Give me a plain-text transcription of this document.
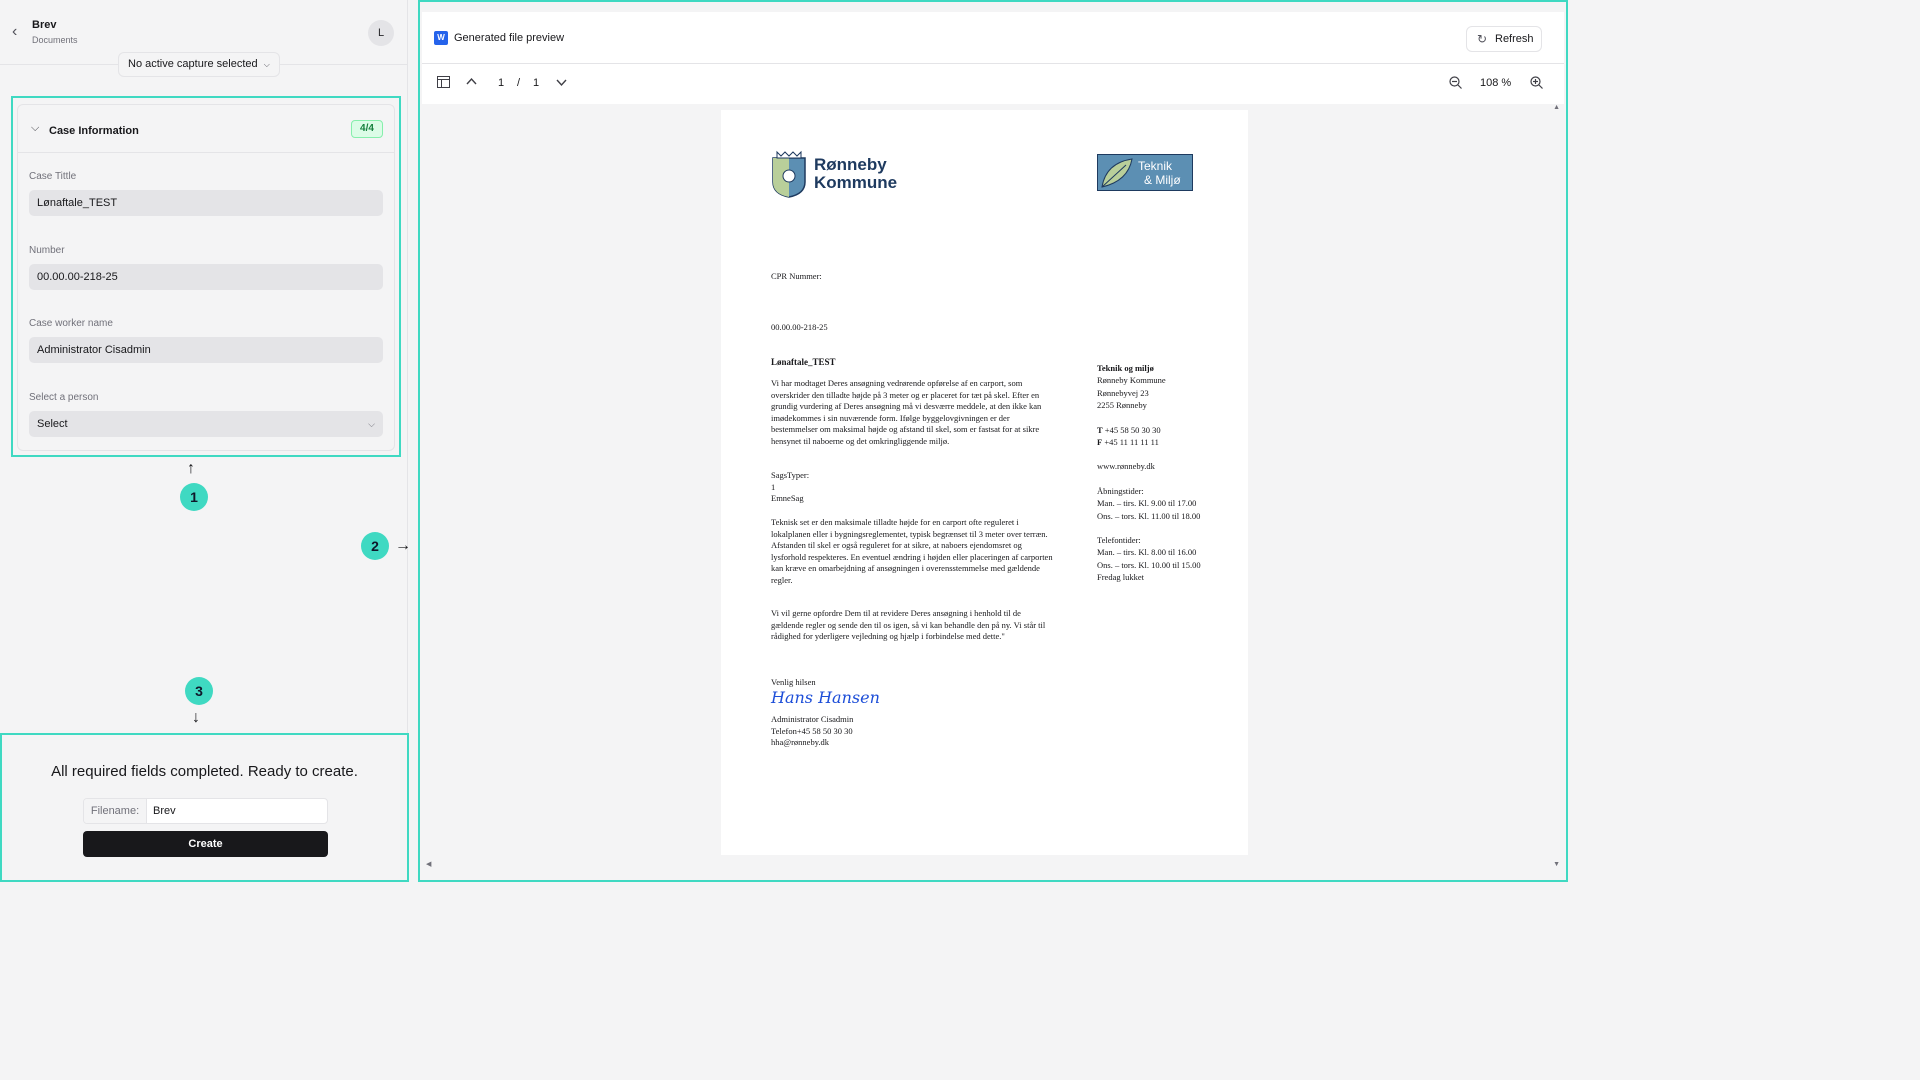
‹	Brev
Documents
L
No active capture selected ⌵
⌵ Case Information	4/4
Case Tittle
Lønaftale_TEST
Number
00.00.00-218-25
Case worker name
Administrator Cisadmin
Select a person
Select	⌵
↑
1
2	→
3
↓
All required fields completed. Ready to create.
Filename:	Brev
Create
W Generated file preview	↻ Refresh
1 / 1	108 %
▲
▼
◀
Rønneby
Kommune
Teknik
& Miljø
CPR Nummer:
00.00.00-218-25
Lønaftale_TEST
Vi har modtaget Deres ansøgning vedrørende opførelse af en carport, som overskrider den tilladte højde på 3 meter og er placeret for tæt på skel. Efter en grundig vurdering af Deres ansøgning må vi desværre meddele, at den ikke kan imødekommes i sin nuværende form. Ifølge byggelovgivningen er der bestemmelser om maksimal højde og afstand til skel, som er fastsat for at sikre hensynet til naboerne og det omkringliggende miljø.
SagsTyper:
1
EmneSag
Teknisk set er den maksimale tilladte højde for en carport ofte reguleret i lokalplanen eller i bygningsreglementet, typisk begrænset til 3 meter over terræn. Afstanden til skel er også reguleret for at sikre, at naboers ejendomsret og lysforhold respekteres. En eventuel ændring i højden eller placeringen af carporten kan kræve en omarbejdning af ansøgningen i overensstemmelse med gældende regler.
Vi vil gerne opfordre Dem til at revidere Deres ansøgning i henhold til de gældende regler og sende den til os igen, så vi kan behandle den på ny. Vi står til rådighed for yderligere vejledning og hjælp i forbindelse med dette."
Venlig hilsen
Hans Hansen
Administrator Cisadmin
Telefon+45 58 50 30 30
hha@rønneby.dk
Teknik og miljø
Rønneby Kommune
Rønnebyvej 23
2255 Rønneby
T +45 58 50 30 30
F +45 11 11 11 11
www.rønneby.dk
Åbningstider:
Man. – tirs. Kl. 9.00 til 17.00
Ons. – tors. Kl. 11.00 til 18.00
Telefontider:
Man. – tirs. Kl. 8.00 til 16.00
Ons. – tors. Kl. 10.00 til 15.00
Fredag lukket
